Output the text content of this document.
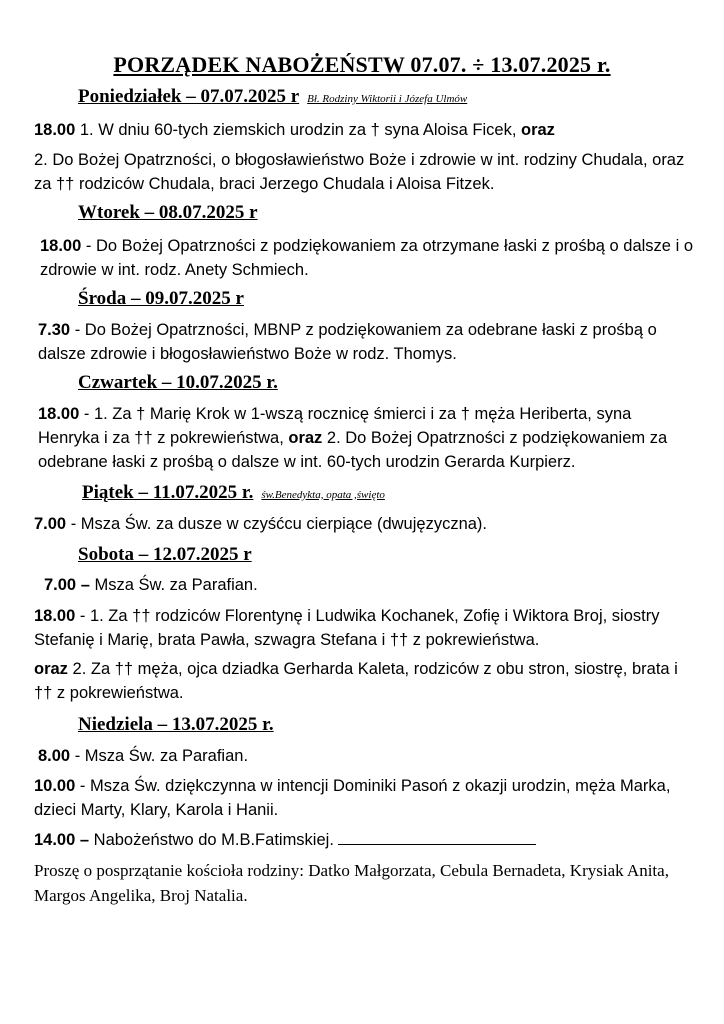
PORZĄDEK NABOŻEŃSTW 07.07. ÷ 13.07.2025 r.
Poniedziałek – 07.07.2025 r Bł. Rodziny Wiktorii i Józefa Ulmów
18.00 1. W dniu 60-tych ziemskich urodzin za † syna Aloisa Ficek, oraz
2. Do Bożej Opatrzności, o błogosławieństwo Boże i zdrowie w int. rodziny Chudala, oraz za †† rodziców Chudala, braci Jerzego Chudala i Aloisa Fitzek.
Wtorek – 08.07.2025 r
18.00 - Do Bożej Opatrzności z podziękowaniem za otrzymane łaski z prośbą o dalsze i o zdrowie w int. rodz. Anety Schmiech.
Środa – 09.07.2025 r
7.30 - Do Bożej Opatrzności, MBNP z podziękowaniem za odebrane łaski z prośbą o dalsze zdrowie i błogosławieństwo Boże w rodz. Thomys.
Czwartek – 10.07.2025 r.
18.00 - 1. Za † Marię Krok w 1-wszą rocznicę śmierci i za † męża Heriberta, syna Henryka i za †† z pokrewieństwa, oraz 2. Do Bożej Opatrzności z podziękowaniem za odebrane łaski z prośbą o dalsze w int. 60-tych urodzin Gerarda Kurpierz.
Piątek – 11.07.2025 r. św.Benedykta, opata ,święto
7.00 - Msza Św. za dusze w czyśćcu cierpiące (dwujęzyczna).
Sobota – 12.07.2025 r
7.00 – Msza Św. za Parafian.
18.00 - 1. Za †† rodziców Florentynę i Ludwika Kochanek, Zofię i Wiktora Broj, siostry Stefanię i Marię, brata Pawła, szwagra Stefana i †† z pokrewieństwa.
oraz 2. Za †† męża, ojca dziadka Gerharda Kaleta, rodziców z obu stron, siostrę, brata i †† z pokrewieństwa.
Niedziela – 13.07.2025 r.
8.00 - Msza Św. za Parafian.
10.00 - Msza Św. dziękczynna w intencji Dominiki Pasoń z okazji urodzin, męża Marka, dzieci Marty, Klary, Karola i Hanii.
14.00 – Nabożeństwo do M.B.Fatimskiej.
Proszę o posprzątanie kościoła rodziny: Datko Małgorzata, Cebula Bernadeta, Krysiak Anita, Margos Angelika, Broj Natalia.
